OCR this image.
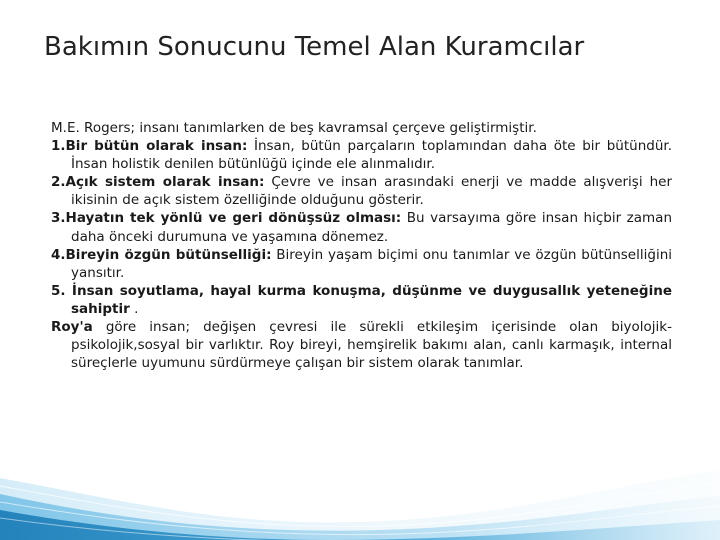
Bakımın Sonucunu Temel Alan Kuramcılar

M.E. Rogers; insanı tanımlarken de beş kavramsal çerçeve geliştirmiştir.

1.Bir bütün olarak insan: İnsan, bütün parçaların toplamından daha öte bir bütündür. İnsan holistik denilen bütünlüğü içinde ele alınmalıdır.

2.Açık sistem olarak insan: Çevre ve insan arasındaki enerji ve madde alışverişi her ikisinin de açık sistem özelliğinde olduğunu gösterir.

3.Hayatın tek yönlü ve geri dönüşsüz olması: Bu varsayıma göre insan hiçbir zaman daha önceki durumuna ve yaşamına dönemez.

4.Bireyin özgün bütünselliği: Bireyin yaşam biçimi onu tanımlar ve özgün bütünselliğini yansıtır.

5. İnsan soyutlama, hayal kurma konuşma, düşünme ve duygusallık yeteneğine sahiptir .

Roy'a göre insan; değişen çevresi ile sürekli etkileşim içerisinde olan biyolojik-psikolojik,sosyal bir varlıktır. Roy bireyi, hemşirelik bakımı alan, canlı karmaşık, internal süreçlerle uyumunu sürdürmeye çalışan bir sistem olarak tanımlar.
